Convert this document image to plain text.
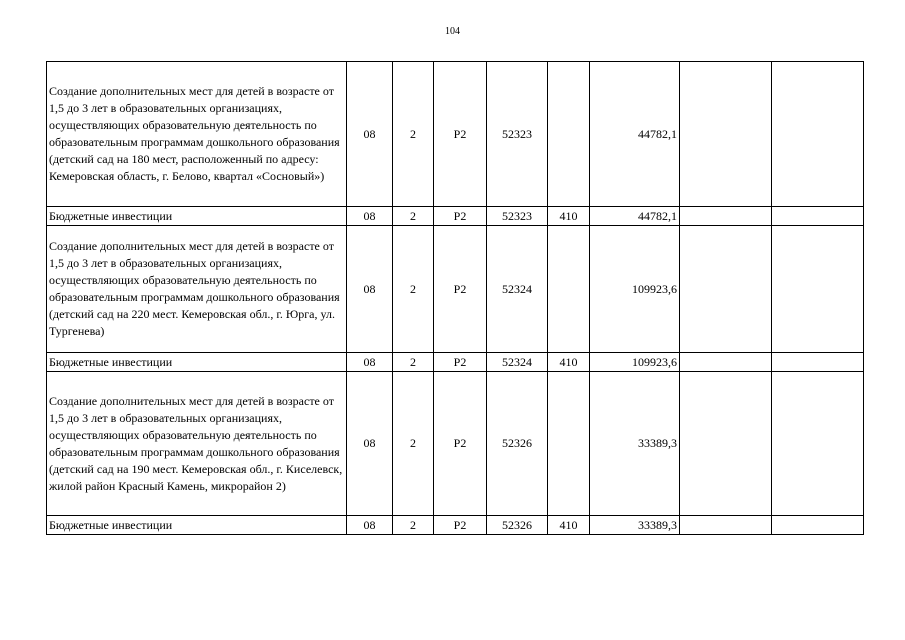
104
Создание дополнительных мест для детей в возрасте от 1,5 до 3 лет в образовательных организациях, осуществляющих образовательную деятельность по образовательным программам дошкольного образования (детский сад на 180 мест, расположенный по адресу: Кемеровская область, г. Белово, квартал «Сосновый»)	08	2	Р2	52323		44782,1		
Бюджетные инвестиции	08	2	Р2	52323	410	44782,1		
Создание дополнительных мест для детей в возрасте от 1,5 до 3 лет в образовательных организациях, осуществляющих образовательную деятельность по образовательным программам дошкольного образования (детский сад на 220 мест. Кемеровская обл., г. Юрга, ул. Тургенева)	08	2	Р2	52324		109923,6		
Бюджетные инвестиции	08	2	Р2	52324	410	109923,6		
Создание дополнительных мест для детей в возрасте от 1,5 до 3 лет в образовательных организациях, осуществляющих образовательную деятельность по образовательным программам дошкольного образования (детский сад на 190 мест. Кемеровская обл., г. Киселевск, жилой район Красный Камень, микрорайон 2)	08	2	Р2	52326		33389,3		
Бюджетные инвестиции	08	2	Р2	52326	410	33389,3		
